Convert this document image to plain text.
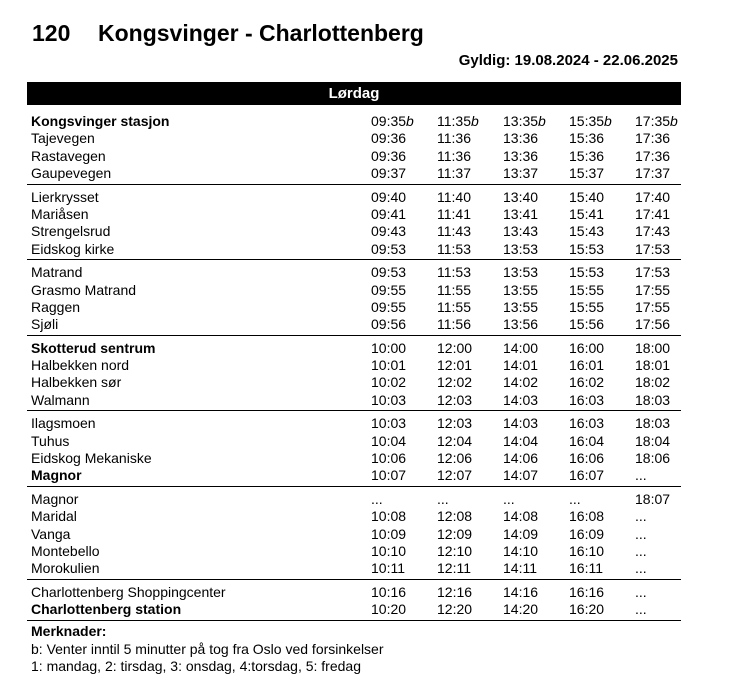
120 Kongsvinger - Charlottenberg
Gyldig: 19.08.2024 - 22.06.2025
Lørdag
Kongsvinger stasjon	09:35b	11:35b	13:35b	15:35b	17:35b
Tajevegen	09:36	11:36	13:36	15:36	17:36
Rastavegen	09:36	11:36	13:36	15:36	17:36
Gaupevegen	09:37	11:37	13:37	15:37	17:37
Lierkrysset	09:40	11:40	13:40	15:40	17:40
Mariåsen	09:41	11:41	13:41	15:41	17:41
Strengelsrud	09:43	11:43	13:43	15:43	17:43
Eidskog kirke	09:53	11:53	13:53	15:53	17:53
Matrand	09:53	11:53	13:53	15:53	17:53
Grasmo Matrand	09:55	11:55	13:55	15:55	17:55
Raggen	09:55	11:55	13:55	15:55	17:55
Sjøli	09:56	11:56	13:56	15:56	17:56
Skotterud sentrum	10:00	12:00	14:00	16:00	18:00
Halbekken nord	10:01	12:01	14:01	16:01	18:01
Halbekken sør	10:02	12:02	14:02	16:02	18:02
Walmann	10:03	12:03	14:03	16:03	18:03
Ilagsmoen	10:03	12:03	14:03	16:03	18:03
Tuhus	10:04	12:04	14:04	16:04	18:04
Eidskog Mekaniske	10:06	12:06	14:06	16:06	18:06
Magnor	10:07	12:07	14:07	16:07	...
Magnor	...	...	...	...	18:07
Maridal	10:08	12:08	14:08	16:08	...
Vanga	10:09	12:09	14:09	16:09	...
Montebello	10:10	12:10	14:10	16:10	...
Morokulien	10:11	12:11	14:11	16:11	...
Charlottenberg Shoppingcenter	10:16	12:16	14:16	16:16	...
Charlottenberg station	10:20	12:20	14:20	16:20	...
Merknader:
b: Venter inntil 5 minutter på tog fra Oslo ved forsinkelser
1: mandag, 2: tirsdag, 3: onsdag, 4:torsdag, 5: fredag
